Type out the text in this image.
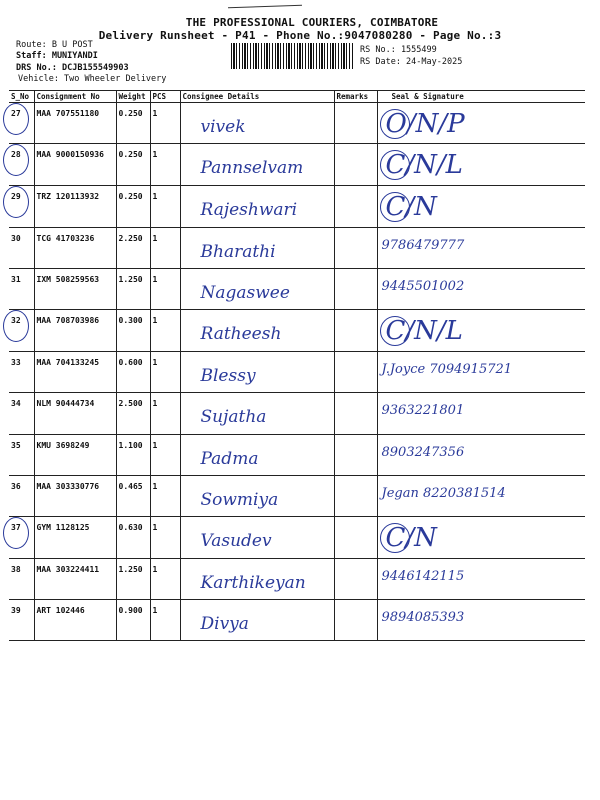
THE PROFESSIONAL COURIERS, COIMBATORE
Delivery Runsheet - P41 - Phone No.:9047080280 - Page No.:3
Route: B U POST
Staff: MUNIYANDI
DRS No.: DCJB155549903
Vehicle: Two Wheeler Delivery
RS No.: 1555499
RS Date: 24-May-2025
S_No	Consignment No	Weight	PCS	Consignee Details	Remarks	Seal & Signature

27	MAA 707551180	0.250	1	vivek		O/N/P

28	MAA 9000150936	0.250	1	Pannselvam		C/N/L

29	TRZ 120113932	0.250	1	Rajeshwari		C/N

30	TCG 41703236	2.250	1	Bharathi		9786479777

31	IXM 508259563	1.250	1	Nagaswee		9445501002

32	MAA 708703986	0.300	1	Ratheesh		C/N/L

33	MAA 704133245	0.600	1	Blessy		J.Joyce 7094915721

34	NLM 90444734	2.500	1	Sujatha		9363221801

35	KMU 3698249	1.100	1	Padma		8903247356

36	MAA 303330776	0.465	1	Sowmiya		Jegan 8220381514

37	GYM 1128125	0.630	1	Vasudev		C/N

38	MAA 303224411	1.250	1	Karthikeyan		9446142115

39	ART 102446	0.900	1	Divya		9894085393
